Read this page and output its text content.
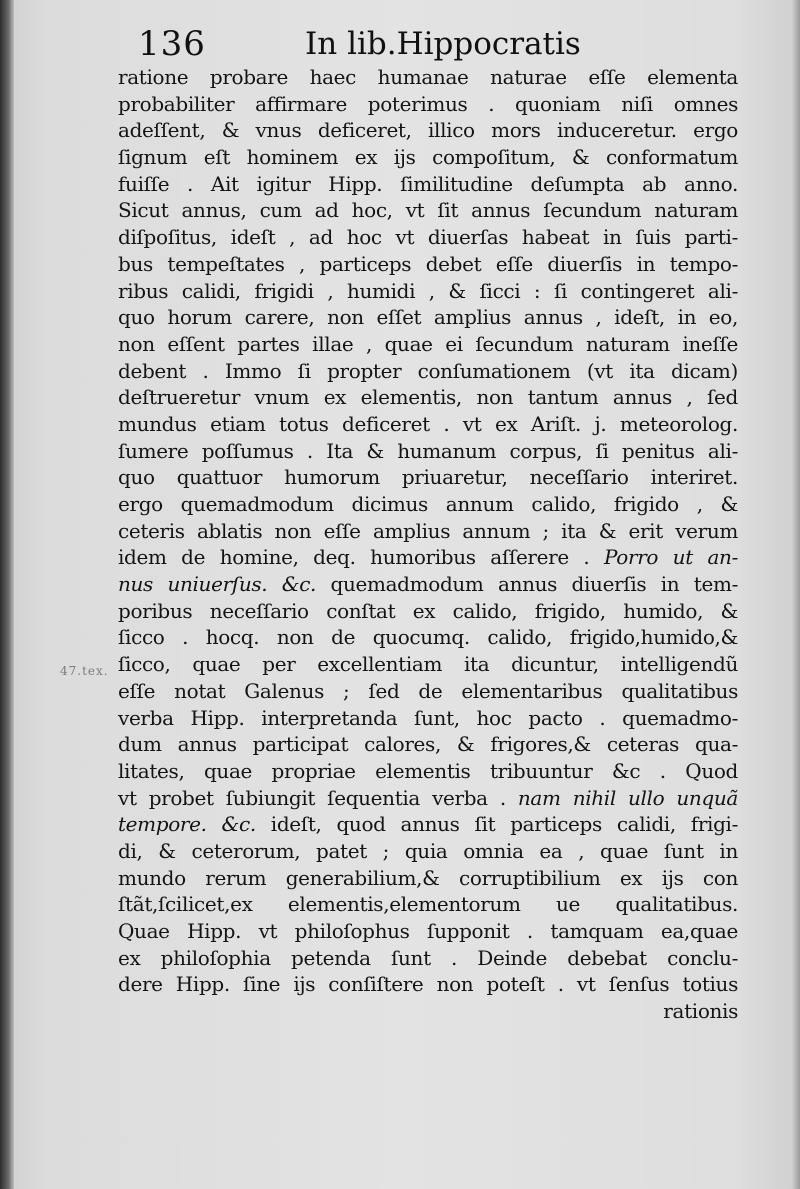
136	In lib.Hippocratis
47.tex.
ratione probare haec humanae naturae eſſe elementa
probabiliter affirmare poterimus . quoniam niſi omnes
adeſſent, & vnus deficeret, illico mors induceretur. ergo
ſignum eſt hominem ex ijs compoſitum, & conformatum
fuiſſe . Ait igitur Hipp. ſimilitudine deſumpta ab anno.
Sicut annus, cum ad hoc, vt ſit annus ſecundum naturam
diſpoſitus, ideſt , ad hoc vt diuerſas habeat in ſuis parti-
bus tempeſtates , particeps debet eſſe diuerſis in tempo-
ribus calidi, frigidi , humidi , & ſicci : ſi contingeret ali-
quo horum carere, non eſſet amplius annus , ideſt, in eo,
non eſſent partes illae , quae ei ſecundum naturam ineſſe
debent . Immo ſi propter conſumationem (vt ita dicam)
deſtrueretur vnum ex elementis, non tantum annus , ſed
mundus etiam totus deficeret . vt ex Ariſt. j. meteorolog.
ſumere poſſumus . Ita & humanum corpus, ſi penitus ali-
quo quattuor humorum priuaretur, neceſſario interiret.
ergo quemadmodum dicimus annum calido, frigido , &
ceteris ablatis non eſſe amplius annum ; ita & erit verum
idem de homine, deq. humoribus aſſerere . Porro ut an-
nus uniuerſus. &c. quemadmodum annus diuerſis in tem-
poribus neceſſario conſtat ex calido, frigido, humido, &
ſicco . hocq. non de quocumq. calido, frigido,humido,&
ſicco, quae per excellentiam ita dicuntur, intelligendũ
eſſe notat Galenus ; ſed de elementaribus qualitatibus
verba Hipp. interpretanda ſunt, hoc pacto . quemadmo-
dum annus participat calores, & frigores,& ceteras qua-
litates, quae propriae elementis tribuuntur &c . Quod
vt probet ſubiungit ſequentia verba . nam nihil ullo unquã
tempore. &c. ideſt, quod annus ſit particeps calidi, frigi-
di, & ceterorum, patet ; quia omnia ea , quae ſunt in
mundo rerum generabilium,& corruptibilium ex ijs con
ſtãt,ſcilicet,ex elementis,elementorum ue qualitatibus.
Quae Hipp. vt philoſophus ſupponit . tamquam ea,quae
ex philoſophia petenda ſunt . Deinde debebat conclu-
dere Hipp. ſine ijs conſiſtere non poteſt . vt ſenſus totius
rationis
